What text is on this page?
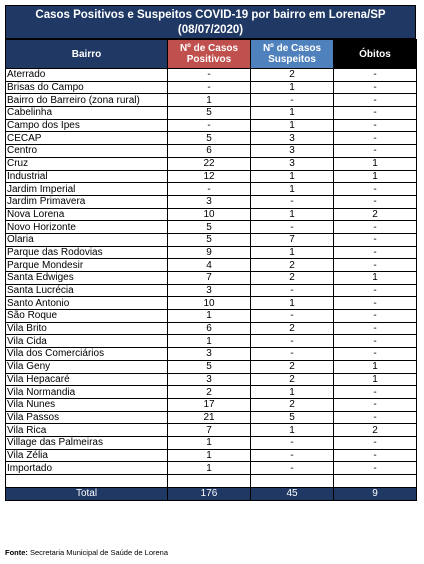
Casos Positivos e Suspeitos COVID-19 por bairro em Lorena/SP
(08/07/2020)
Bairro	Nº de Casos Positivos	Nº de Casos Suspeitos	Óbitos
Aterrado	-	2	-
Brisas do Campo	-	1	-
Bairro do Barreiro (zona rural)	1	-	-
Cabelinha	5	1	-
Campo dos Ipes	-	1	-
CECAP	5	3	-
Centro	6	3	-
Cruz	22	3	1
Industrial	12	1	1
Jardim Imperial	-	1	-
Jardim Primavera	3	-	-
Nova Lorena	10	1	2
Novo Horizonte	5	-	-
Olaria	5	7	-
Parque das Rodovias	9	1	-
Parque Mondesir	4	2	-
Santa Edwiges	7	2	1
Santa Lucrécia	3	-	-
Santo Antonio	10	1	-
São Roque	1	-	-
Vila Brito	6	2	-
Vila Cida	1	-	-
Vila dos Comerciários	3	-	-
Vila Geny	5	2	1
Vila Hepacaré	3	2	1
Vila Normandia	2	1	-
Vila Nunes	17	2	-
Vila Passos	21	5	-
Vila Rica	7	1	2
Village das Palmeiras	1	-	-
Vila Zélia	1	-	-
Importado	1	-	-

Total	176	45	9
Fonte: Secretaria Municipal de Saúde de Lorena
